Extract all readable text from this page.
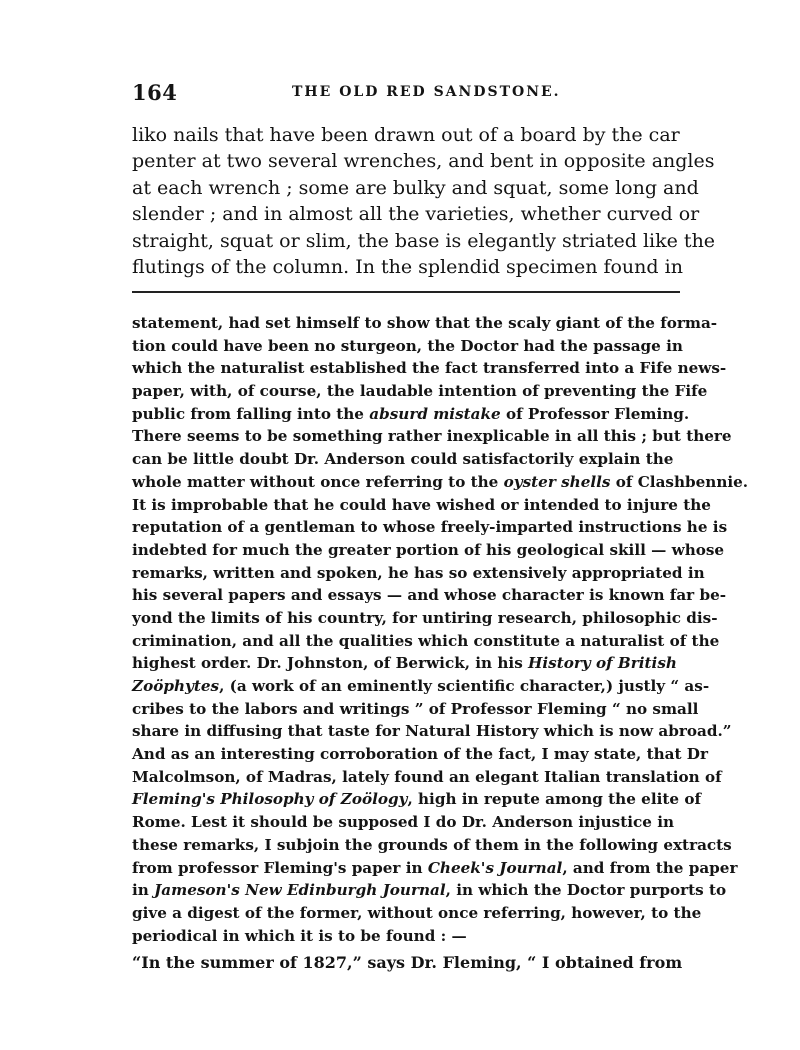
164	THE OLD RED SANDSTONE.
liko nails that have been drawn out of a board by the car
penter at two several wrenches, and bent in opposite angles
at each wrench ; some are bulky and squat, some long and
slender ; and in almost all the varieties, whether curved or
straight, squat or slim, the base is elegantly striated like the
flutings of the column. In the splendid specimen found in
statement, had set himself to show that the scaly giant of the forma-
tion could have been no sturgeon, the Doctor had the passage in
which the naturalist established the fact transferred into a Fife news-
paper, with, of course, the laudable intention of preventing the Fife
public from falling into the absurd mistake of Professor Fleming.
There seems to be something rather inexplicable in all this ; but there
can be little doubt Dr. Anderson could satisfactorily explain the
whole matter without once referring to the oyster shells of Clashbennie.
It is improbable that he could have wished or intended to injure the
reputation of a gentleman to whose freely-imparted instructions he is
indebted for much the greater portion of his geological skill — whose
remarks, written and spoken, he has so extensively appropriated in
his several papers and essays — and whose character is known far be-
yond the limits of his country, for untiring research, philosophic dis-
crimination, and all the qualities which constitute a naturalist of the
highest order. Dr. Johnston, of Berwick, in his History of British
Zoöphytes, (a work of an eminently scientific character,) justly “ as-
cribes to the labors and writings ” of Professor Fleming “ no small
share in diffusing that taste for Natural History which is now abroad.”
And as an interesting corroboration of the fact, I may state, that Dr
Malcolmson, of Madras, lately found an elegant Italian translation of
Fleming's Philosophy of Zoölogy, high in repute among the elite of
Rome. Lest it should be supposed I do Dr. Anderson injustice in
these remarks, I subjoin the grounds of them in the following extracts
from professor Fleming's paper in Cheek's Journal, and from the paper
in Jameson's New Edinburgh Journal, in which the Doctor purports to
give a digest of the former, without once referring, however, to the
periodical in which it is to be found : —
“In the summer of 1827,” says Dr. Fleming, “ I obtained from
